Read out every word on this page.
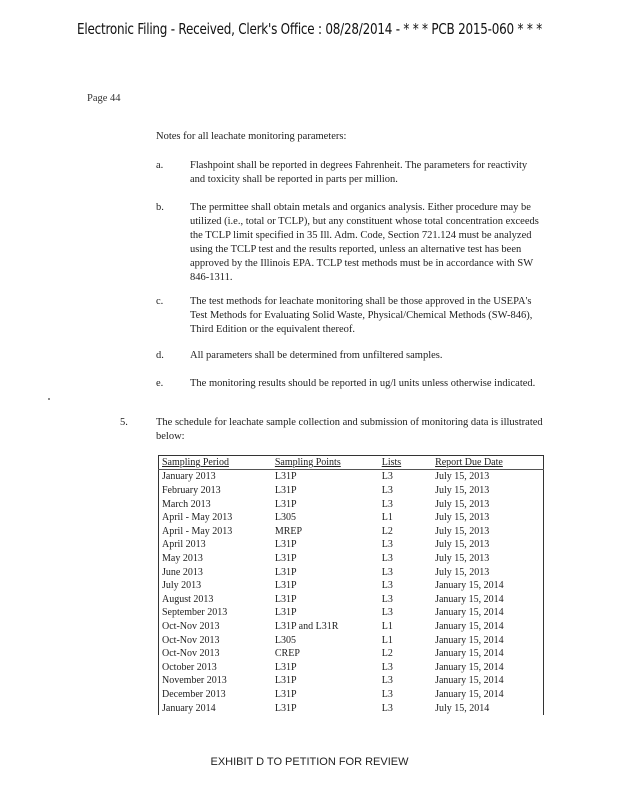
Electronic Filing - Received, Clerk's Office : 08/28/2014 - * * * PCB 2015-060 * * *
Page 44
Notes for all leachate monitoring parameters:
a.	Flashpoint shall be reported in degrees Fahrenheit. The parameters for reactivity and toxicity shall be reported in parts per million.
b. The permittee shall obtain metals and organics analysis. Either procedure may be utilized (i.e., total or TCLP), but any constituent whose total concentration exceeds the TCLP limit specified in 35 Ill. Adm. Code, Section 721.124 must be analyzed using the TCLP test and the results reported, unless an alternative test has been approved by the Illinois EPA. TCLP test methods must be in accordance with SW 846-1311.
c.	The test methods for leachate monitoring shall be those approved in the USEPA's Test Methods for Evaluating Solid Waste, Physical/Chemical Methods (SW-846), Third Edition or the equivalent thereof.
d. All parameters shall be determined from unfiltered samples.
e.	The monitoring results should be reported in ug/l units unless otherwise indicated.
5.	The schedule for leachate sample collection and submission of monitoring data is illustrated below:
Sampling Period	Sampling Points	Lists	Report Due Date
January 2013	L31P	L3	July 15, 2013
February 2013	L31P	L3	July 15, 2013
March 2013	L31P	L3	July 15, 2013
April - May 2013	L305	L1	July 15, 2013
April - May 2013	MREP	L2	July 15, 2013
April 2013	L31P	L3	July 15, 2013
May 2013	L31P	L3	July 15, 2013
June 2013	L31P	L3	July 15, 2013
July 2013	L31P	L3	January 15, 2014
August 2013	L31P	L3	January 15, 2014
September 2013	L31P	L3	January 15, 2014
Oct-Nov 2013	L31P and L31R	L1	January 15, 2014
Oct-Nov 2013	L305	L1	January 15, 2014
Oct-Nov 2013	CREP	L2	January 15, 2014
October 2013	L31P	L3	January 15, 2014
November 2013	L31P	L3	January 15, 2014
December 2013	L31P	L3	January 15, 2014
January 2014	L31P	L3	July 15, 2014
EXHIBIT D TO PETITION FOR REVIEW
